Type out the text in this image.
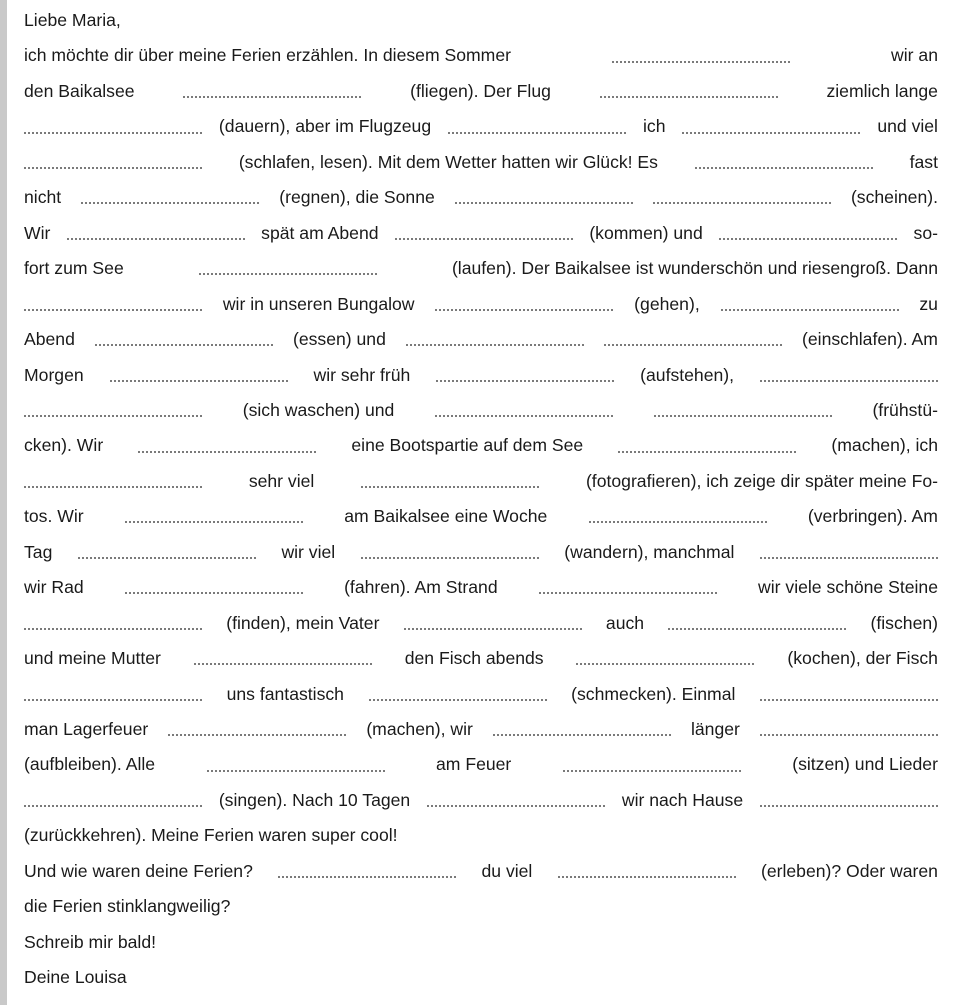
Liebe Maria,
ich möchte dir über meine Ferien erzählen. In diesem Sommer	wir an
den Baikalsee	(fliegen). Der Flug	ziemlich lange
(dauern), aber im Flugzeug	ich	und viel
(schlafen, lesen). Mit dem Wetter hatten wir Glück! Es	fast
nicht	(regnen), die Sonne	(scheinen).
Wir	spät am Abend	(kommen) und	so-
fort zum See	(laufen). Der Baikalsee ist wunderschön und riesengroß. Dann
wir in unseren Bungalow	(gehen),	zu
Abend	(essen) und	(einschlafen). Am
Morgen	wir sehr früh	(aufstehen),
(sich waschen) und	(frühstü-
cken). Wir	eine Bootspartie auf dem See	(machen), ich
sehr viel	(fotografieren), ich zeige dir später meine Fo-
tos. Wir	am Baikalsee eine Woche	(verbringen). Am
Tag	wir viel	(wandern), manchmal
wir Rad	(fahren). Am Strand	wir viele schöne Steine
(finden), mein Vater	auch	(fischen)
und meine Mutter	den Fisch abends	(kochen), der Fisch
uns fantastisch	(schmecken). Einmal
man Lagerfeuer	(machen), wir	länger
(aufbleiben). Alle	am Feuer	(sitzen) und Lieder
(singen). Nach 10 Tagen	wir nach Hause
(zurückkehren). Meine Ferien waren super cool!
Und wie waren deine Ferien?	du viel	(erleben)? Oder waren
die Ferien stinklangweilig?
Schreib mir bald!
Deine Louisa
